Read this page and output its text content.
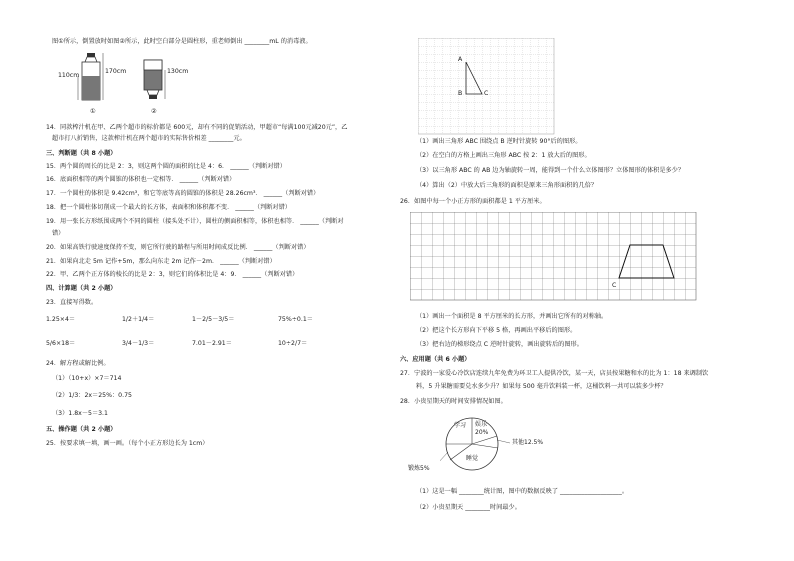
图①所示，倒置放时如图②所示，此时空白部分是圆柱形，重老师倒出 ________mL 的消毒液。
110cm
170cm	130cm
①	②
14．同款榨汁机在甲、乙两个超市的标价都是 600元，却有不同的促销活动，甲超市“每满100元减20元”，乙
超市打八折销售，这款榨汁机在两个超市的实际售价相差 ________元。
三、判断题（共 8 小题）
15．两个圆的周长的比是 2：3，则这两个圆的面积的比是 4：6． ______（判断对错）
16．底面积相等的两个圆锥的体积也一定相等． ______（判断对错）
17．一个圆柱的体积是 9.42cm³，和它等底等高的圆锥的体积是 28.26cm³． ______（判断对错）
18．把一个圆柱体切削成一个最大的长方体，表面积和体积都不变． ______（判断对错）
19．用一张长方形纸围成两个不同的圆柱（接头处不计），圆柱的侧面积相等，体积也相等． ______（判断对
错）
20．如果高铁行驶速度保持不变，则它所行驶的路程与所用时间成反比例． ______（判断对错）
21．如果向北走 5m 记作+5m，那么向东走 2m 记作－2m． ______（判断对错）
22．甲、乙两个正方体的棱长的比是 2：3，则它们的体积比是 4：9． ______（判断对错）
四、计算题（共 2 小题）
23．直接写得数。
1.25×4＝	1/2＋1/4＝	1－2/5－3/5＝	75%÷0.1＝
5/6×18＝	3/4－1/3＝	7.01－2.91＝	10÷2/7＝
24．解方程或解比例。
（1）（10+x）×7＝714
（2）1/3：2x＝25%：0.75
（3）1.8x－5＝3.1
五、操作题（共 2 小题）
25．按要求填一填，画一画。（每个小正方形边长为 1cm）
A
B	C
（1）画出三角形 ABC 围绕点 B 逆时针旋转 90°后的图形。
（2）在空白的方格上画出三角形 ABC 按 2：1 放大后的图形。
（3）以三角形 ABC 的 AB 边为轴旋转一周，能得到一个什么立体图形？立体图形的体积是多少？
（4）算出（2）中放大后三角形的面积是原来三角形面积的几倍？
26．如图中每一个小正方形的面积都是 1 平方厘米。
C
（1）画出一个面积是 8 平方厘米的长方形，并画出它所有的对称轴。
（2）把这个长方形向下平移 5 格，再画出平移后的图形。
（3）把右边的梯形绕点 C 逆时针旋转，画出旋转后的图形。
六、应用题（共 6 小题）
27．宁波的一家爱心冷饮店连续九年免费为环卫工人提供冷饮，某一天，店员按果糖和水的比为 1：18 来调制饮
料，5 升果糖需要兑水多少升？如果每 500 毫升饮料装一杯，这桶饮料一共可以装多少杯？
28．小贵星期天的时间安排情况如图。
学习 娱乐
20%
其他12.5%
锻炼5%
睡觉
（1）这是一幅 ________统计图，图中的数据反映了 ____________________。
（2）小贵星期天 ________时间最少。
